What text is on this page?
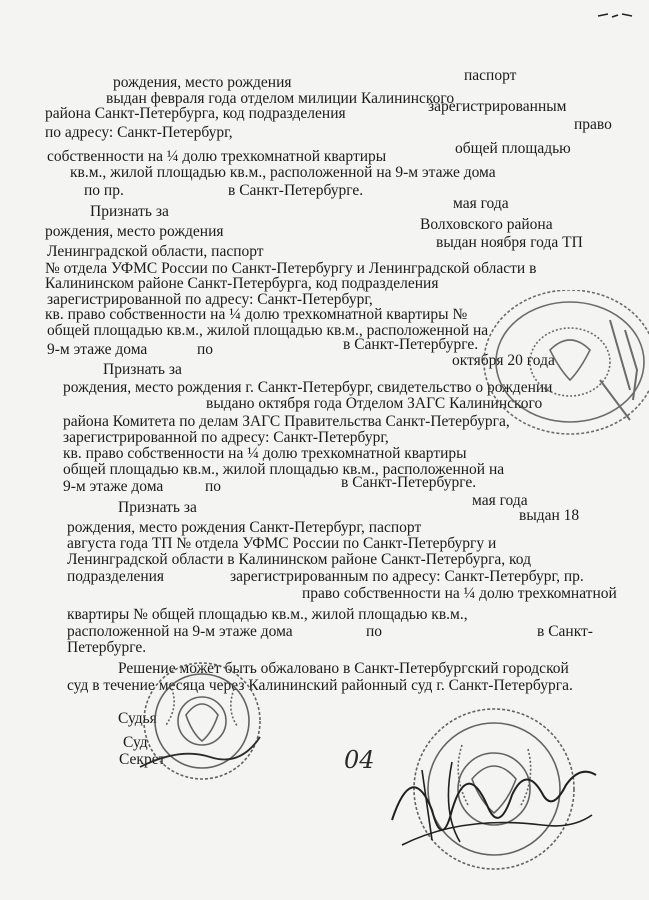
рождения, место рождения	паспорт
выдан февраля года отделом милиции Калининского
района Санкт-Петербурга, код подразделения	зарегистрированным
по адресу: Санкт-Петербург,	право
собственности на ¼ долю трехкомнатной квартиры	общей площадью
кв.м., жилой площадью кв.м., расположенной на 9-м этаже дома
по пр.	в Санкт-Петербурге.
Признать за	мая года
рождения, место рождения	Волховского района
Ленинградской области, паспорт
выдан ноября года ТП
№ отдела УФМС России по Санкт-Петербургу и Ленинградской области в
Калининском районе Санкт-Петербурга, код подразделения
зарегистрированной по адресу: Санкт-Петербург,
кв. право собственности на ¼ долю трехкомнатной квартиры №
общей площадью кв.м., жилой площадью кв.м., расположенной на
9-м этаже дома	по	в Санкт-Петербурге.
Признать за
октября 20 года
рождения, место рождения г. Санкт-Петербург, свидетельство о рождении
выдано октября года Отделом ЗАГС Калининского
района Комитета по делам ЗАГС Правительства Санкт-Петербурга,
зарегистрированной по адресу: Санкт-Петербург,
кв. право собственности на ¼ долю трехкомнатной квартиры
общей площадью кв.м., жилой площадью кв.м., расположенной на
9-м этаже дома	по	в Санкт-Петербурге.
Признать за	мая года
выдан 18
рождения, место рождения Санкт-Петербург, паспорт
августа года ТП № отдела УФМС России по Санкт-Петербургу и
Ленинградской области в Калининском районе Санкт-Петербурга, код
подразделения	зарегистрированным по адресу: Санкт-Петербург, пр.
право собственности на ¼ долю трехкомнатной
квартиры № общей площадью кв.м., жилой площадью кв.м.,
расположенной на 9-м этаже дома	по	в Санкт-
Петербурге.
Решение может быть обжаловано в Санкт-Петербургский городской
суд в течение месяца через Калининский районный суд г. Санкт-Петербурга.
Судья
Суд
Секрет	04
